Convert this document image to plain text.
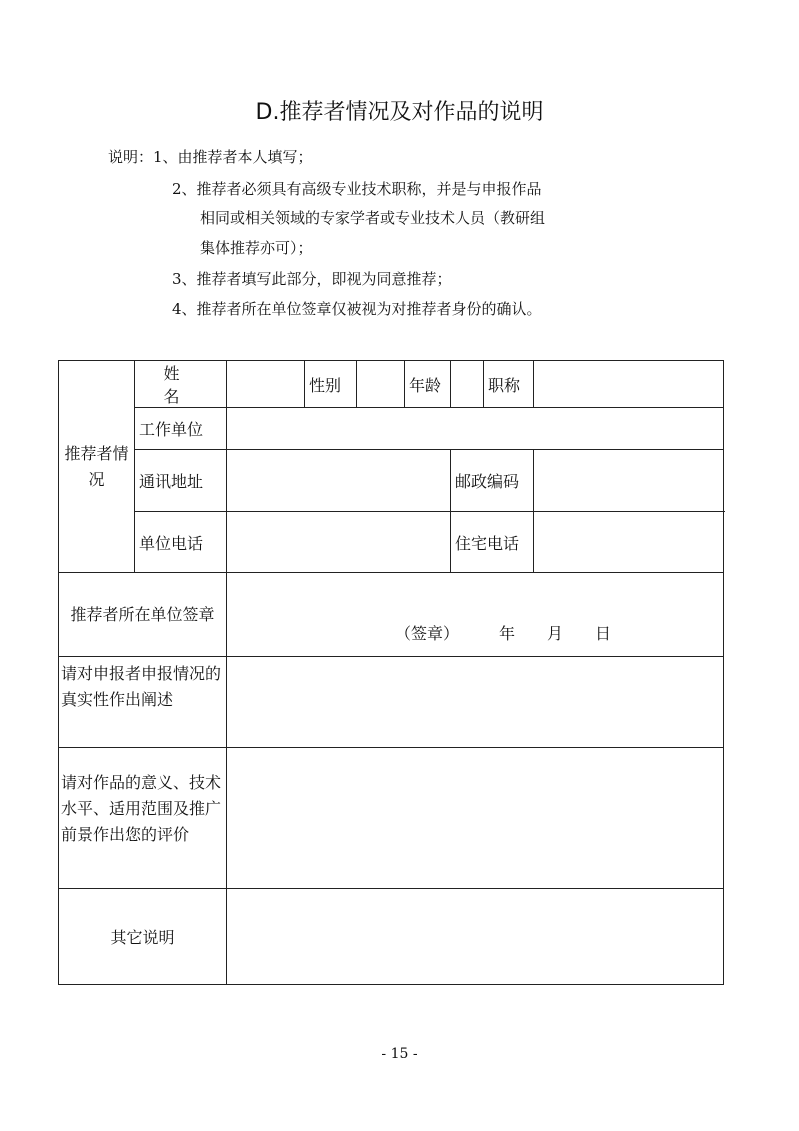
D.推荐者情况及对作品的说明
说明：1、由推荐者本人填写；
2、推荐者必须具有高级专业技术职称，并是与申报作品
相同或相关领域的专家学者或专业技术人员（教研组
集体推荐亦可）；
3、推荐者填写此部分，即视为同意推荐；
4、推荐者所在单位签章仅被视为对推荐者身份的确认。
推荐者情况	姓 名		性别		年龄		职称	
	工作单位							
	通讯地址					邮政编码		
	单位电话					住宅电话		
推荐者所在单位签章		（签章）　　　年　　月　　日						

请对申报者申报情况的真实性作出阐述								
请对作品的意义、技术水平、适用范围及推广前景作出您的评价								
其它说明								
- 15 -
